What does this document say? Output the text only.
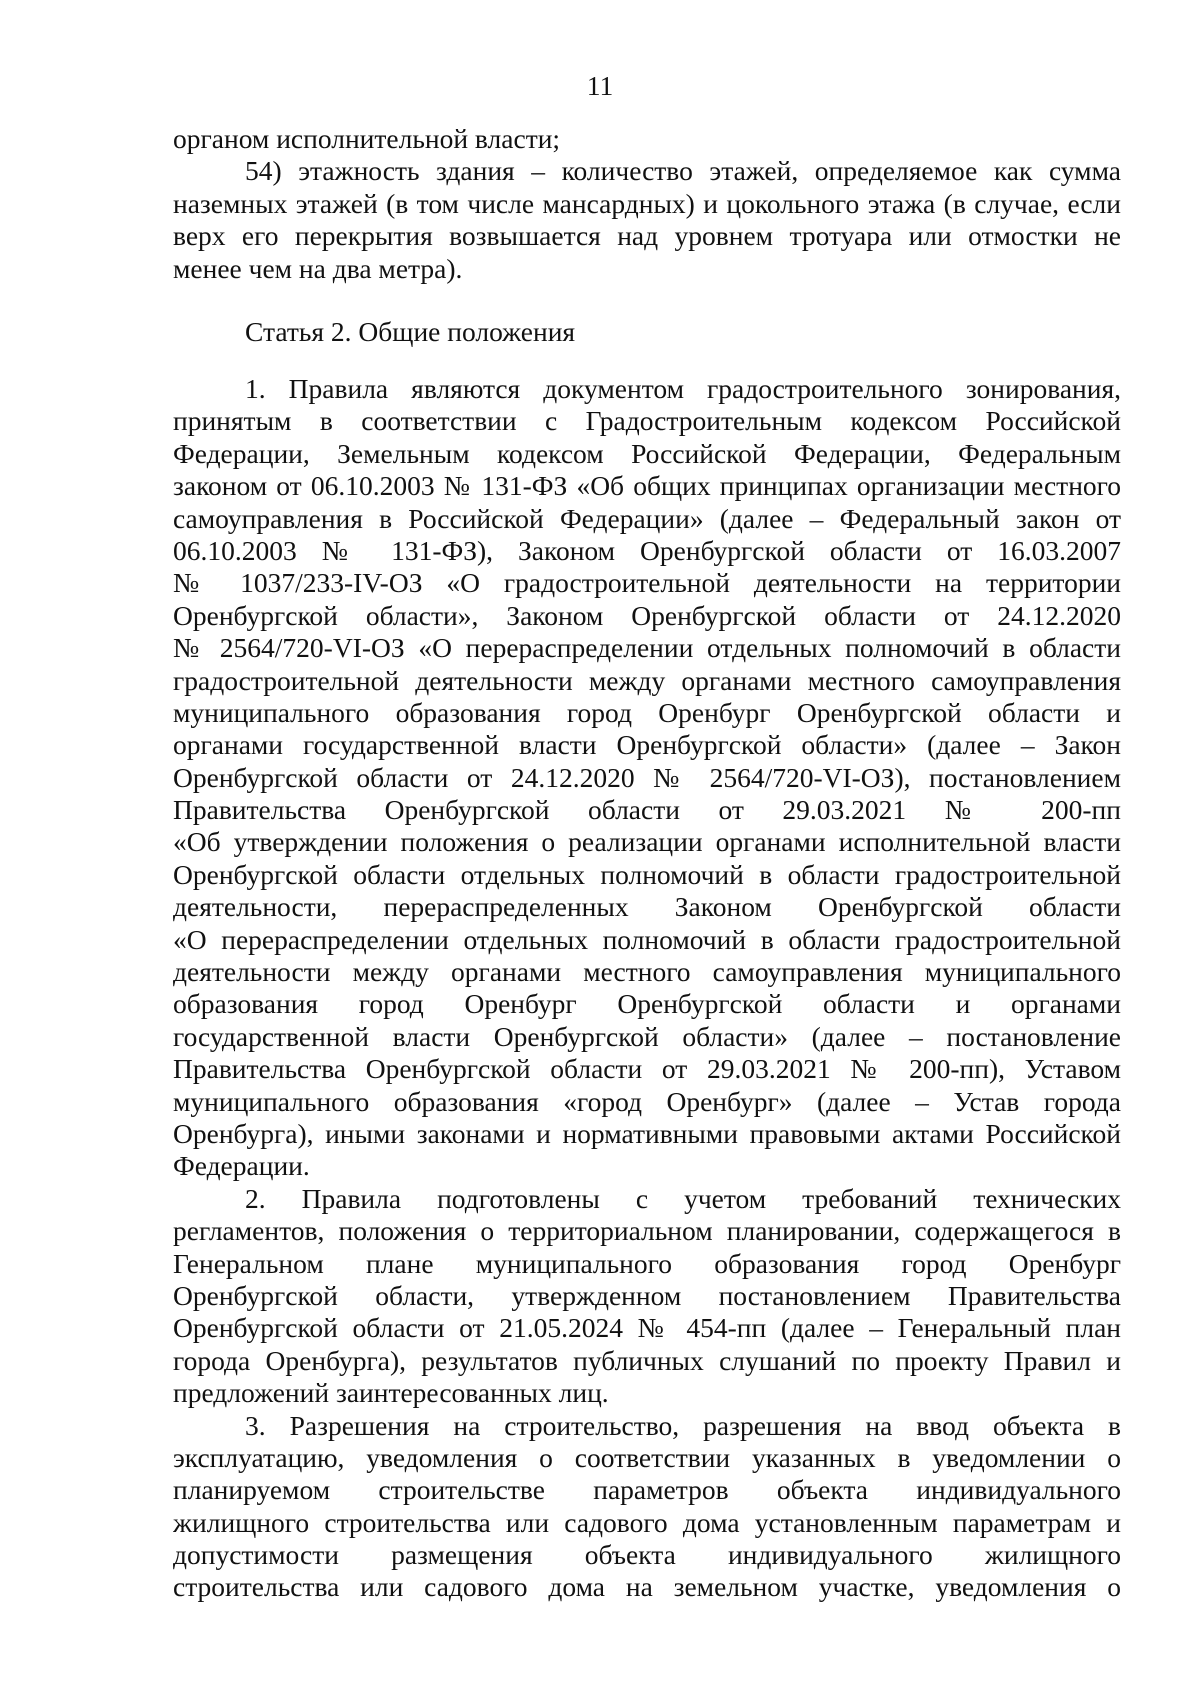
11
органом исполнительной власти;
54) этажность здания – количество этажей, определяемое как сумма
наземных этажей (в том числе мансардных) и цокольного этажа (в случае, если
верх его перекрытия возвышается над уровнем тротуара или отмостки не
менее чем на два метра).
Статья 2. Общие положения
1. Правила являются документом градостроительного зонирования,
принятым в соответствии с Градостроительным кодексом Российской
Федерации, Земельным кодексом Российской Федерации, Федеральным
законом от 06.10.2003 № 131-ФЗ «Об общих принципах организации местного
самоуправления в Российской Федерации» (далее – Федеральный закон от
06.10.2003 № 131-ФЗ), Законом Оренбургской области от 16.03.2007
№ 1037/233-IV-ОЗ «О градостроительной деятельности на территории
Оренбургской области», Законом Оренбургской области от 24.12.2020
№ 2564/720-VI-ОЗ «О перераспределении отдельных полномочий в области
градостроительной деятельности между органами местного самоуправления
муниципального образования город Оренбург Оренбургской области и
органами государственной власти Оренбургской области» (далее – Закон
Оренбургской области от 24.12.2020 № 2564/720-VI-ОЗ), постановлением
Правительства Оренбургской области от 29.03.2021 № 200-пп
«Об утверждении положения о реализации органами исполнительной власти
Оренбургской области отдельных полномочий в области градостроительной
деятельности, перераспределенных Законом Оренбургской области
«О перераспределении отдельных полномочий в области градостроительной
деятельности между органами местного самоуправления муниципального
образования город Оренбург Оренбургской области и органами
государственной власти Оренбургской области» (далее – постановление
Правительства Оренбургской области от 29.03.2021 № 200-пп), Уставом
муниципального образования «город Оренбург» (далее – Устав города
Оренбурга), иными законами и нормативными правовыми актами Российской
Федерации.
2. Правила подготовлены с учетом требований технических
регламентов, положения о территориальном планировании, содержащегося в
Генеральном плане муниципального образования город Оренбург
Оренбургской области, утвержденном постановлением Правительства
Оренбургской области от 21.05.2024 № 454-пп (далее – Генеральный план
города Оренбурга), результатов публичных слушаний по проекту Правил и
предложений заинтересованных лиц.
3. Разрешения на строительство, разрешения на ввод объекта в
эксплуатацию, уведомления о соответствии указанных в уведомлении о
планируемом строительстве параметров объекта индивидуального
жилищного строительства или садового дома установленным параметрам и
допустимости размещения объекта индивидуального жилищного
строительства или садового дома на земельном участке, уведомления о
